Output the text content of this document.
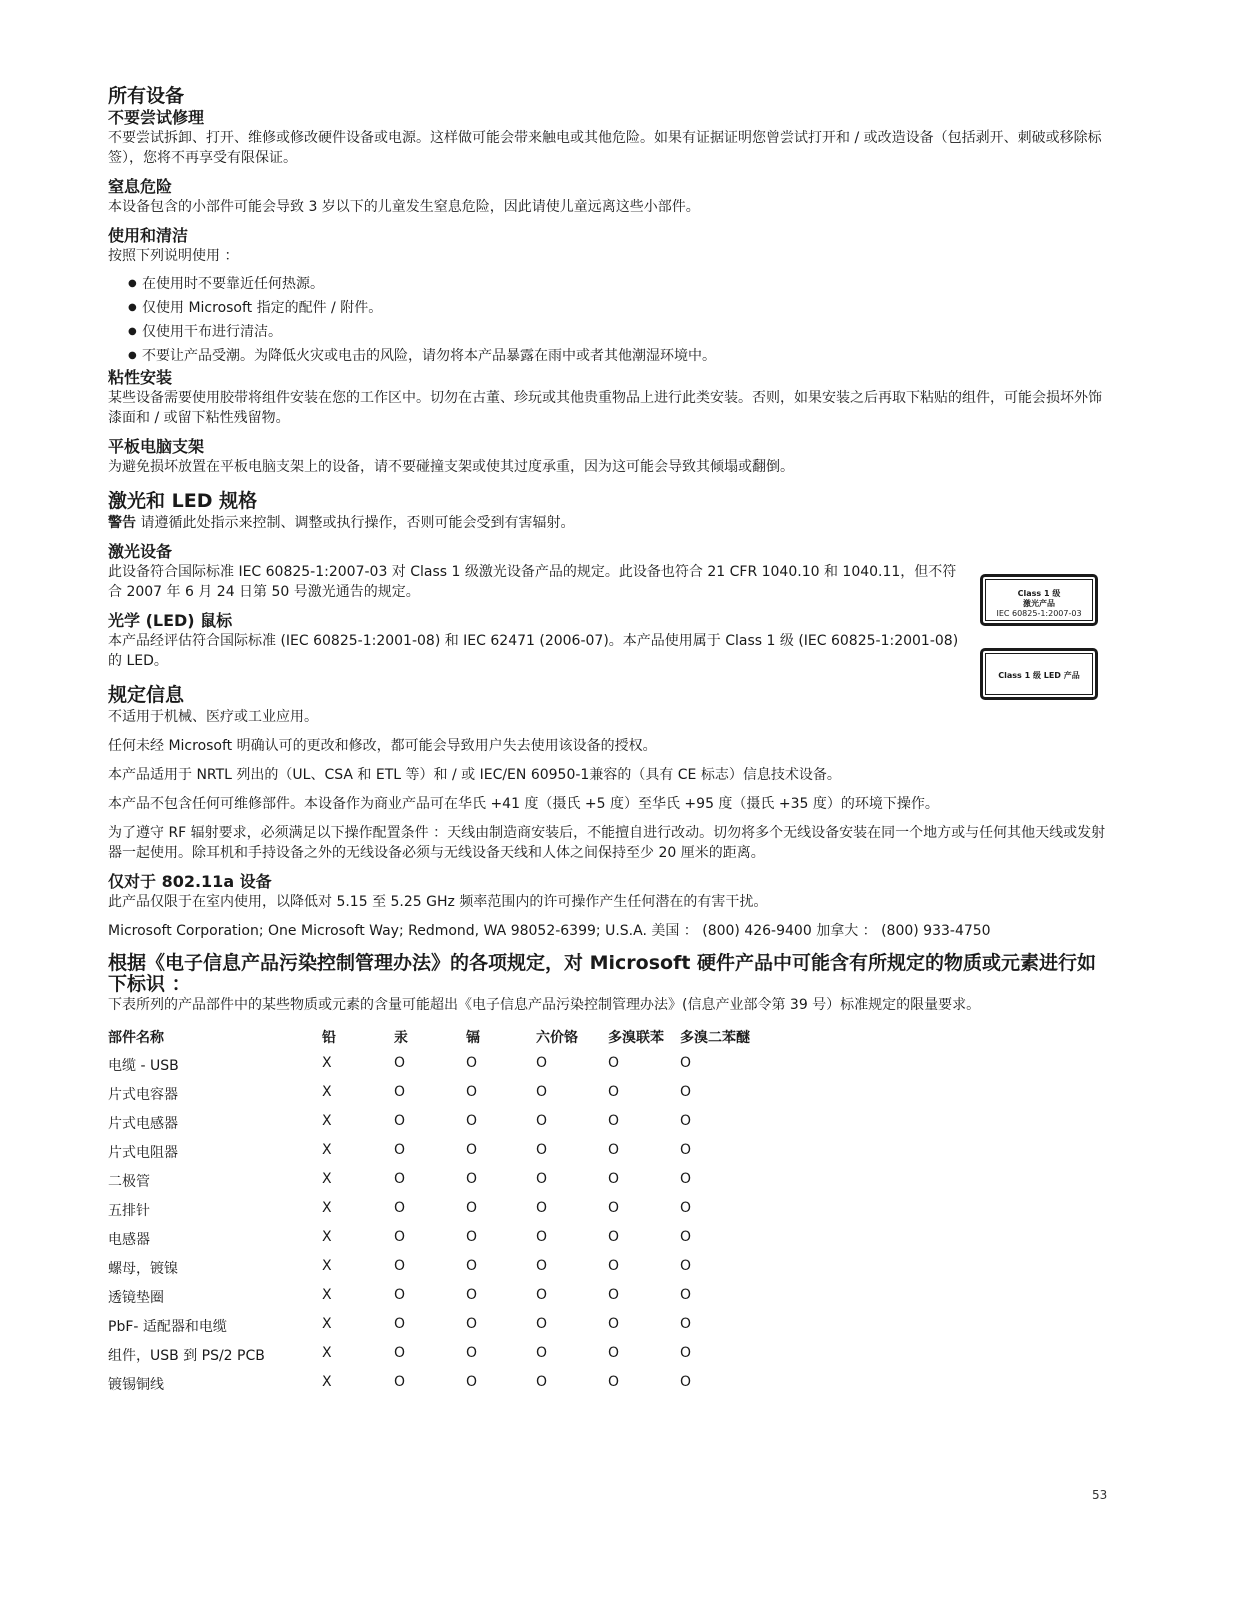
所有设备
不要尝试修理

不要尝试拆卸、打开、维修或修改硬件设备或电源。这样做可能会带来触电或其他危险。如果有证据证明您曾尝试打开和 / 或改造设备（包括剥开、刺破或移除标签），您将不再享受有限保证。

窒息危险

本设备包含的小部件可能会导致 3 岁以下的儿童发生窒息危险，因此请使儿童远离这些小部件。

使用和清洁

按照下列说明使用 ：

● 在使用时不要靠近任何热源。
● 仅使用 Microsoft 指定的配件 / 附件。
● 仅使用干布进行清洁。
● 不要让产品受潮。为降低火灾或电击的风险，请勿将本产品暴露在雨中或者其他潮湿环境中。
粘性安装

某些设备需要使用胶带将组件安装在您的工作区中。切勿在古董、珍玩或其他贵重物品上进行此类安装。否则，如果安装之后再取下粘贴的组件，可能会损坏外饰漆面和 / 或留下粘性残留物。

平板电脑支架

为避免损坏放置在平板电脑支架上的设备，请不要碰撞支架或使其过度承重，因为这可能会导致其倾塌或翻倒。

激光和 LED 规格

警告 请遵循此处指示来控制、调整或执行操作，否则可能会受到有害辐射。

激光设备

此设备符合国际标准 IEC 60825-1:2007-03 对 Class 1 级激光设备产品的规定。此设备也符合 21 CFR 1040.10 和 1040.11，但不符合 2007 年 6 月 24 日第 50 号激光通告的规定。

光学 (LED) 鼠标

本产品经评估符合国际标准 (IEC 60825-1:2001-08) 和 IEC 62471 (2006-07)。本产品使用属于 Class 1 级 (IEC 60825-1:2001-08) 的 LED。

规定信息

不适用于机械、医疗或工业应用。

任何未经 Microsoft 明确认可的更改和修改，都可能会导致用户失去使用该设备的授权。

本产品适用于 NRTL 列出的（UL、CSA 和 ETL 等）和 / 或 IEC/EN 60950-1兼容的（具有 CE 标志）信息技术设备。

本产品不包含任何可维修部件。本设备作为商业产品可在华氏 +41 度（摄氏 +5 度）至华氏 +95 度（摄氏 +35 度）的环境下操作。

为了遵守 RF 辐射要求，必须满足以下操作配置条件 ：天线由制造商安装后，不能擅自进行改动。切勿将多个无线设备安装在同一个地方或与任何其他天线或发射器一起使用。除耳机和手持设备之外的无线设备必须与无线设备天线和人体之间保持至少 20 厘米的距离。

仅对于 802.11a 设备

此产品仅限于在室内使用，以降低对 5.15 至 5.25 GHz 频率范围内的许可操作产生任何潜在的有害干扰。

Microsoft Corporation; One Microsoft Way; Redmond, WA 98052-6399; U.S.A. 美国 ： (800) 426-9400 加拿大 ： (800) 933-4750

根据《电子信息产品污染控制管理办法》的各项规定，对 Microsoft 硬件产品中可能含有所规定的物质或元素进行如下标识 ：

下表所列的产品部件中的某些物质或元素的含量可能超出《电子信息产品污染控制管理办法》(信息产业部令第 39 号）标准规定的限量要求。

部件名称	铅	汞	镉	六价铬	多溴联苯	多溴二苯醚
电缆 - USB	X	O	O	O	O	O
片式电容器	X	O	O	O	O	O
片式电感器	X	O	O	O	O	O
片式电阻器	X	O	O	O	O	O
二极管	X	O	O	O	O	O
五排针	X	O	O	O	O	O
电感器	X	O	O	O	O	O
螺母，镀镍	X	O	O	O	O	O
透镜垫圈	X	O	O	O	O	O
PbF- 适配器和电缆	X	O	O	O	O	O
组件，USB 到 PS/2 PCB	X	O	O	O	O	O
镀锡铜线	X	O	O	O	O	O
Class 1 级
激光产品
IEC 60825-1:2007-03
Class 1 级 LED 产品
53
